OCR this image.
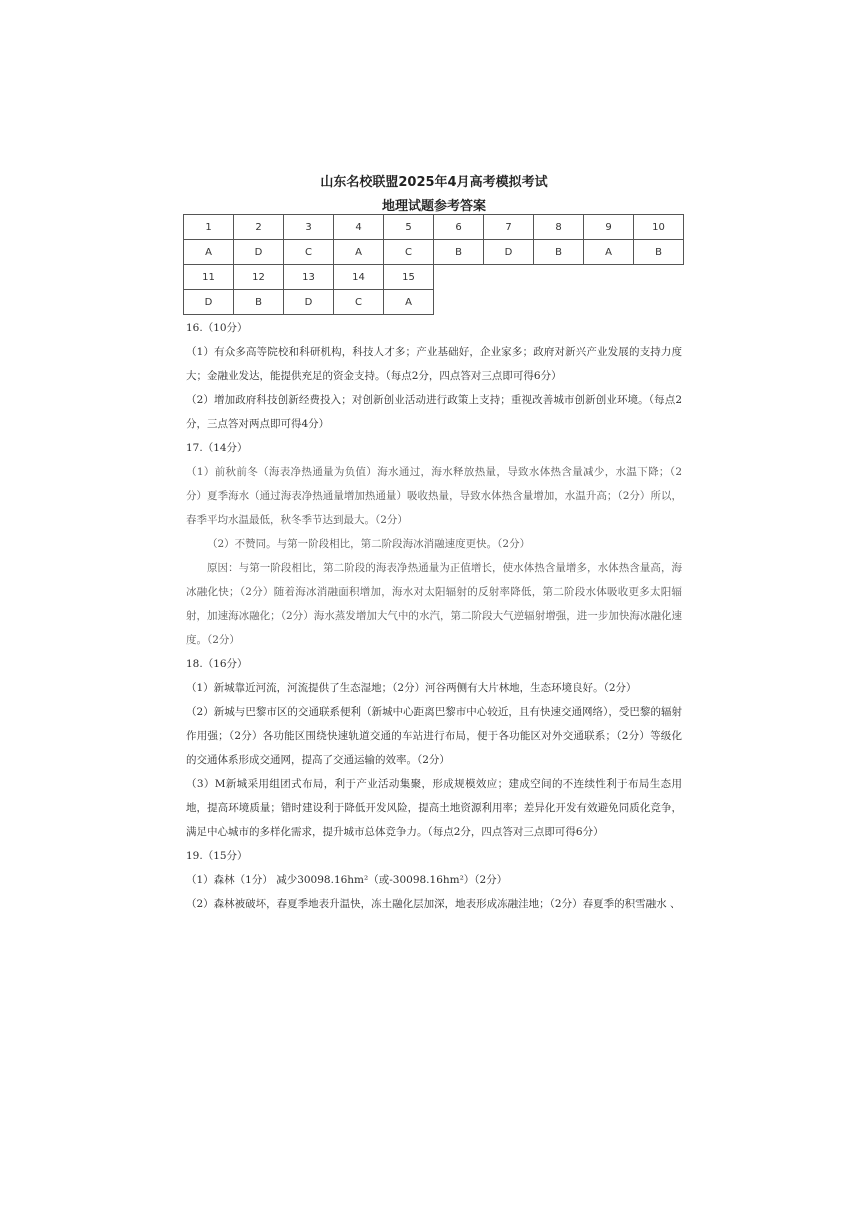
山东名校联盟2025年4月高考模拟考试
地理试题参考答案
1	2	3	4	5	6	7	8	9	10
A	D	C	A	C	B	D	B	A	B
11	12	13	14	15					
D	B	D	C	A					

16.（10分）

（1）有众多高等院校和科研机构，科技人才多；产业基础好，企业家多；政府对新兴产业发展的支持力度大；金融业发达，能提供充足的资金支持。（每点2分，四点答对三点即可得6分）

（2）增加政府科技创新经费投入；对创新创业活动进行政策上支持；重视改善城市创新创业环境。（每点2分，三点答对两点即可得4分）

17.（14分）

（1）前秋前冬（海表净热通量为负值）海水通过，海水释放热量，导致水体热含量减少，水温下降；（2分）夏季海水（通过海表净热通量增加热通量）吸收热量，导致水体热含量增加，水温升高；（2分）所以，春季平均水温最低，秋冬季节达到最大。（2分）

（2）不赞同。与第一阶段相比，第二阶段海冰消融速度更快。（2分）

原因：与第一阶段相比，第二阶段的海表净热通量为正值增长，使水体热含量增多，水体热含量高，海冰融化快；（2分）随着海冰消融面积增加，海水对太阳辐射的反射率降低，第二阶段水体吸收更多太阳辐射，加速海冰融化；（2分）海水蒸发增加大气中的水汽，第二阶段大气逆辐射增强，进一步加快海冰融化速度。（2分）

18.（16分）

（1）新城靠近河流，河流提供了生态湿地；（2分）河谷两侧有大片林地，生态环境良好。（2分）

（2）新城与巴黎市区的交通联系便利（新城中心距离巴黎市中心较近，且有快速交通网络），受巴黎的辐射作用强；（2分）各功能区围绕快速轨道交通的车站进行布局，便于各功能区对外交通联系；（2分）等级化的交通体系形成交通网，提高了交通运输的效率。（2分）

（3）M新城采用组团式布局，利于产业活动集聚，形成规模效应；建成空间的不连续性利于布局生态用地，提高环境质量；错时建设利于降低开发风险，提高土地资源利用率；差异化开发有效避免同质化竞争，满足中心城市的多样化需求，提升城市总体竞争力。（每点2分，四点答对三点即可得6分）

19.（15分）

（1）森林（1分） 减少30098.16hm²（或-30098.16hm²）（2分）

（2）森林被破坏，春夏季地表升温快，冻土融化层加深，地表形成冻融洼地；（2分）春夏季的积雪融水 、
